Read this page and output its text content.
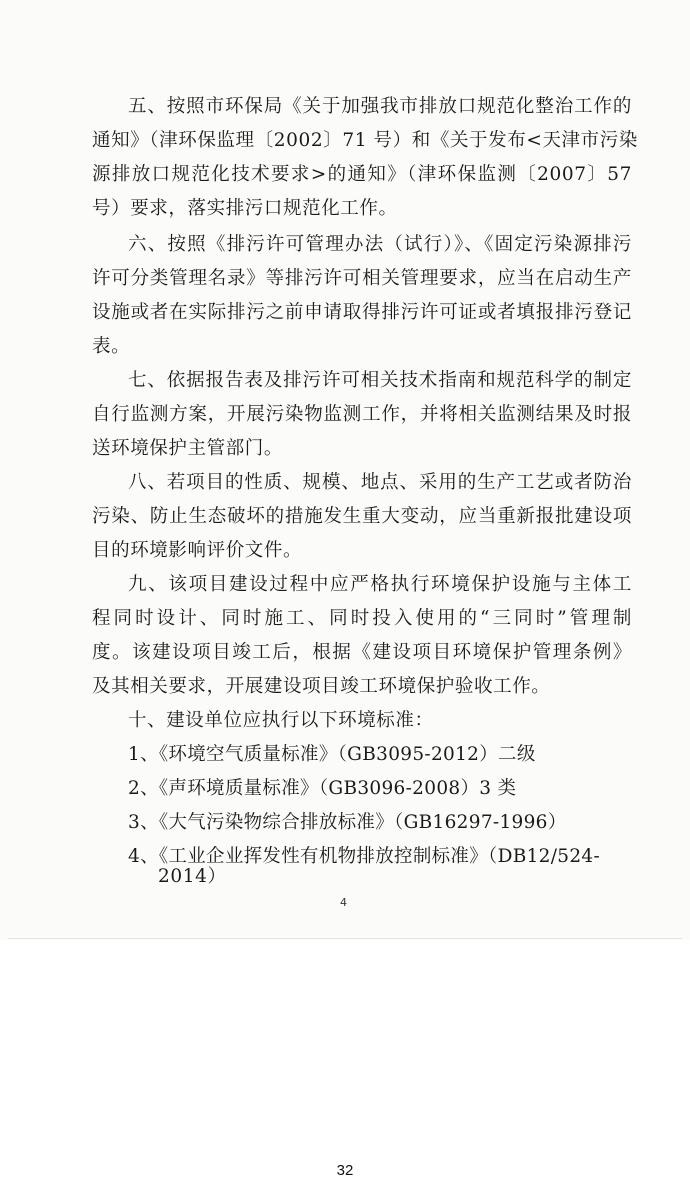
五、按照市环保局《关于加强我市排放口规范化整治工作的
通知》（津环保监理〔2002〕71 号）和《关于发布<天津市污染
源排放口规范化技术要求>的通知》（津环保监测〔2007〕57
号）要求，落实排污口规范化工作。
六、按照《排污许可管理办法（试行）》、《固定污染源排污
许可分类管理名录》等排污许可相关管理要求，应当在启动生产
设施或者在实际排污之前申请取得排污许可证或者填报排污登记
表。
七、依据报告表及排污许可相关技术指南和规范科学的制定
自行监测方案，开展污染物监测工作，并将相关监测结果及时报
送环境保护主管部门。
八、若项目的性质、规模、地点、采用的生产工艺或者防治
污染、防止生态破坏的措施发生重大变动，应当重新报批建设项
目的环境影响评价文件。
九、该项目建设过程中应严格执行环境保护设施与主体工
程同时设计、同时施工、同时投入使用的“三同时”管理制
度。该建设项目竣工后，根据《建设项目环境保护管理条例》
及其相关要求，开展建设项目竣工环境保护验收工作。
十、建设单位应执行以下环境标准：
1、《环境空气质量标准》（GB3095-2012）二级
2、《声环境质量标准》（GB3096-2008）3 类
3、《大气污染物综合排放标准》（GB16297-1996）
4、《工业企业挥发性有机物排放控制标准》（DB12/524-
2014）
4
32
